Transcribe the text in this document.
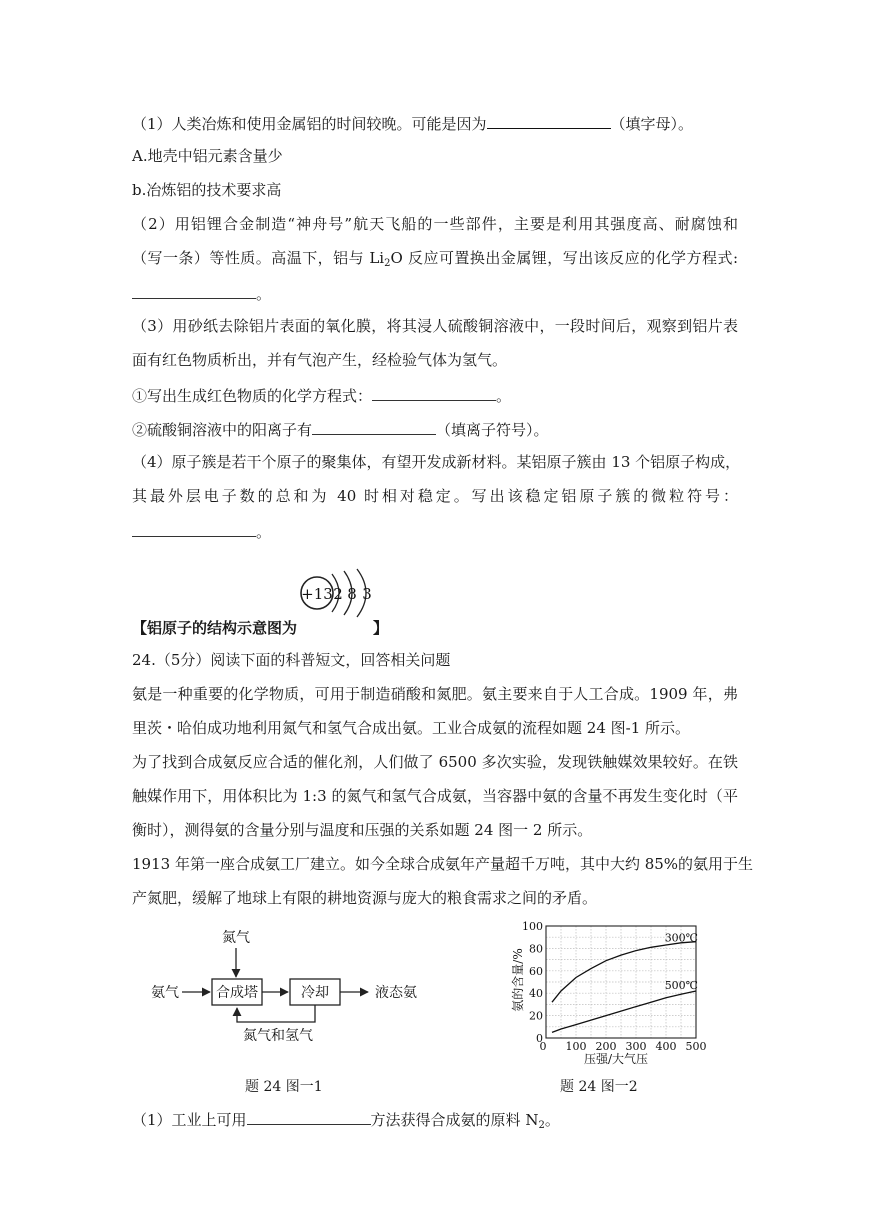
（1）人类冶炼和使用金属铝的时间较晚。可能是因为	（填字母）。
A.地壳中铝元素含量少
b.冶炼铝的技术要求高
（2）用铝锂合金制造“神舟号”航天飞船的一些部件，主要是利用其强度高、耐腐蚀和
（写一条）等性质。高温下，铝与 $Li_2O$ 反应可置换出金属锂，写出该反应的化学方程式:
。
（3）用砂纸去除铝片表面的氧化膜，将其浸人硫酸铜溶液中，一段时间后，观察到铝片表
面有红色物质析出，并有气泡产生，经检验气体为氢气。
①写出生成红色物质的化学方程式：	。
②硫酸铜溶液中的阳离子有	（填离子符号）。
（4）原子簇是若干个原子的聚集体，有望开发成新材料。某铝原子簇由 13 个铝原子构成，
其最外层电子数的总和为 40 时相对稳定。写出该稳定铝原子簇的微粒符号：
。
+13 2 8 3
【铝原子的结构示意图为	】
24.（5分）阅读下面的科普短文，回答相关问题
氨是一种重要的化学物质，可用于制造硝酸和氮肥。氨主要来自于人工合成。1909 年，弗
里茨・哈伯成功地利用氮气和氢气合成出氨。工业合成氨的流程如题 24 图-1 所示。
为了找到合成氨反应合适的催化剂，人们做了 6500 多次实验，发现铁触媒效果较好。在铁
触媒作用下，用体积比为 1:3 的氮气和氢气合成氨，当容器中氨的含量不再发生变化时（平
衡时），测得氨的含量分别与温度和压强的关系如题 24 图一 2 所示。
1913 年第一座合成氨工厂建立。如今全球合成氨年产量超千万吨，其中大约 85%的氨用于生
产氮肥，缓解了地球上有限的耕地资源与庞大的粮食需求之间的矛盾。
氮气
氨气	合成塔	冷却	液态氨
氮气和氢气
题 24 图一1
300℃
500℃
0 100 200 300 400 500
0
20
40
60
80
100
压强/大气压
氨的含量/%
题 24 图一2
（1）工业上可用	方法获得合成氨的原料 $N_2$。
